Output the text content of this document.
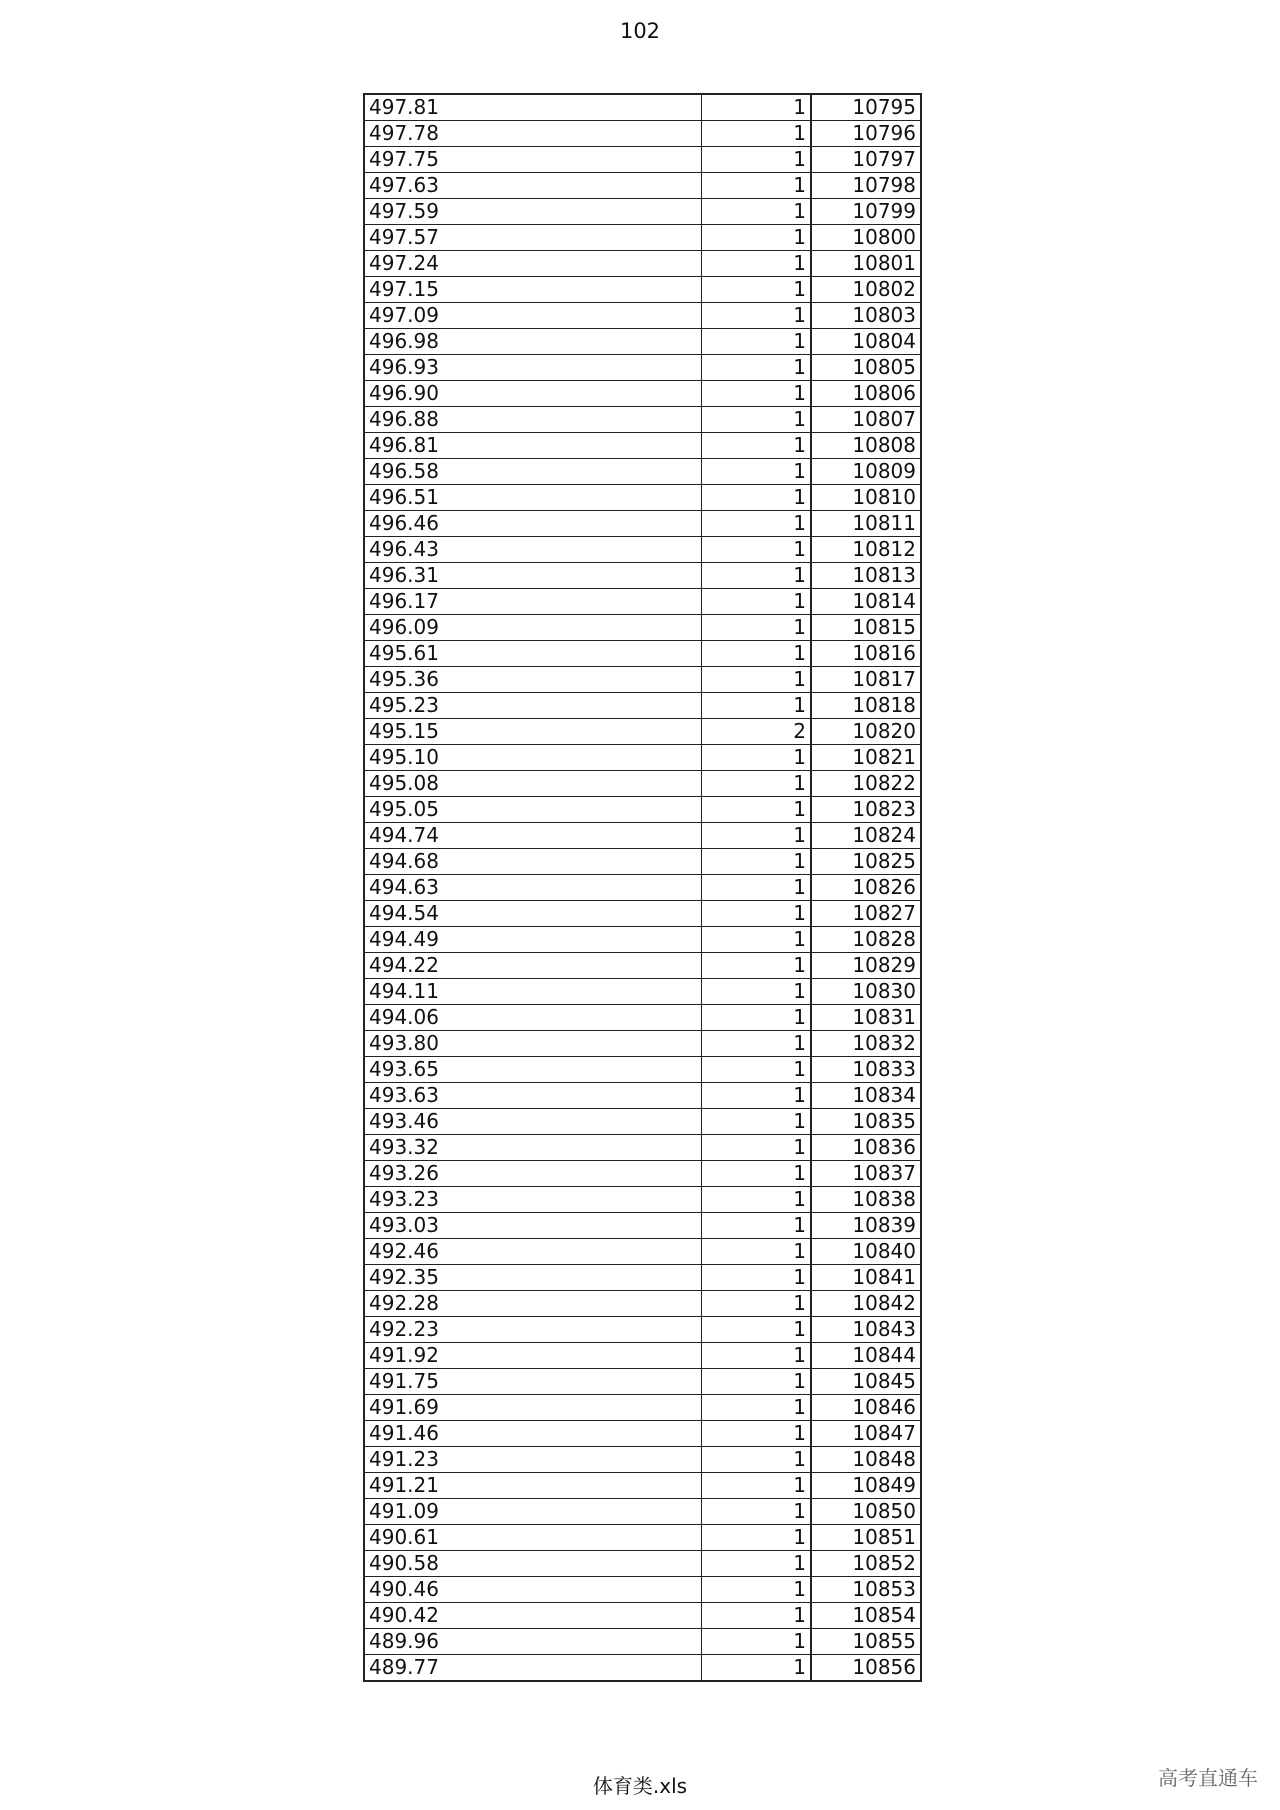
102
497.81	1	10795
497.78	1	10796
497.75	1	10797
497.63	1	10798
497.59	1	10799
497.57	1	10800
497.24	1	10801
497.15	1	10802
497.09	1	10803
496.98	1	10804
496.93	1	10805
496.90	1	10806
496.88	1	10807
496.81	1	10808
496.58	1	10809
496.51	1	10810
496.46	1	10811
496.43	1	10812
496.31	1	10813
496.17	1	10814
496.09	1	10815
495.61	1	10816
495.36	1	10817
495.23	1	10818
495.15	2	10820
495.10	1	10821
495.08	1	10822
495.05	1	10823
494.74	1	10824
494.68	1	10825
494.63	1	10826
494.54	1	10827
494.49	1	10828
494.22	1	10829
494.11	1	10830
494.06	1	10831
493.80	1	10832
493.65	1	10833
493.63	1	10834
493.46	1	10835
493.32	1	10836
493.26	1	10837
493.23	1	10838
493.03	1	10839
492.46	1	10840
492.35	1	10841
492.28	1	10842
492.23	1	10843
491.92	1	10844
491.75	1	10845
491.69	1	10846
491.46	1	10847
491.23	1	10848
491.21	1	10849
491.09	1	10850
490.61	1	10851
490.58	1	10852
490.46	1	10853
490.42	1	10854
489.96	1	10855
489.77	1	10856
体育类.xls	高考直通车
